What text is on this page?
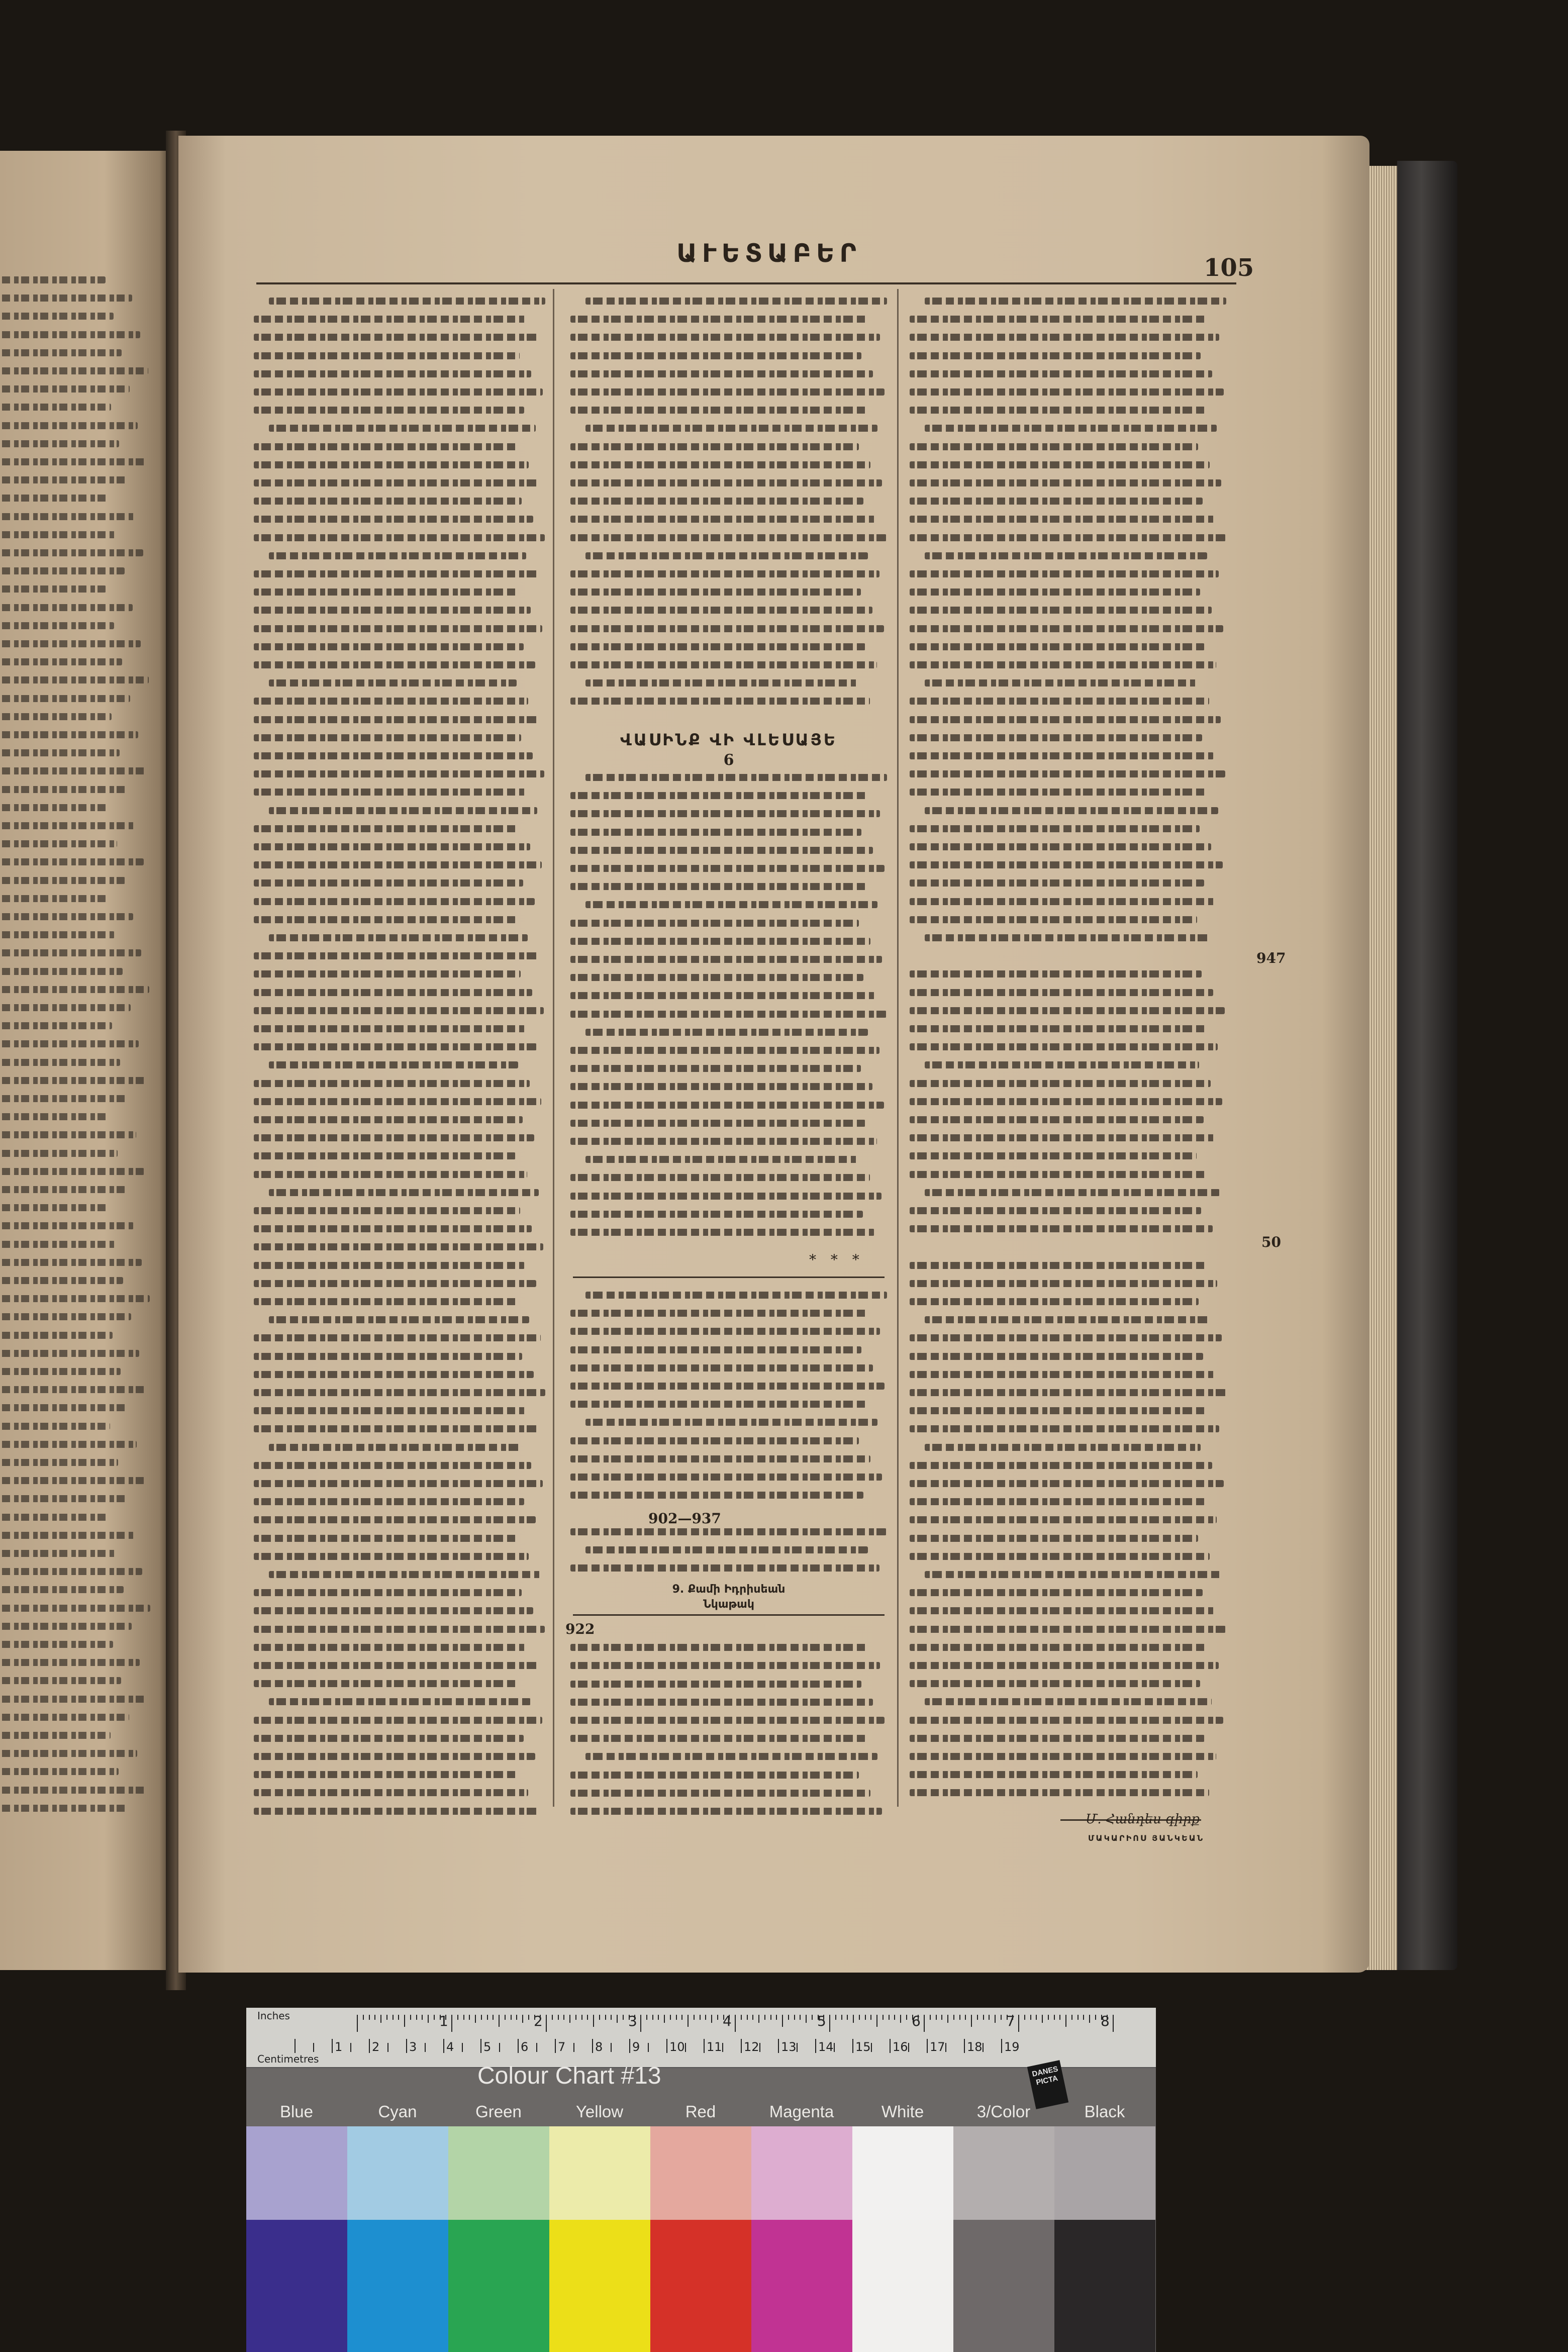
ԱՒԵՏԱԲԵՐ	105
ՎԱՍԻՆՔ ՎԻ ՎԼԵՍԱՅԵ
6
* * *
9. Քամի Իդրիսեան
Նկաթակ
902—937
922
947
50
Մ. Հանդես գիրք
ՄԱԿԱՐԻՈՍ ՅԱՆԿԵԱՆ
Inches
Centimetres
1	2	3	4	5	6	7	8
1 2 3 4 5 6 7 8 9 10 11 12 13 14 15 16 17 18 19
Colour Chart #13	DANES PICTA
Blue	Cyan	Green	Yellow	Red	Magenta	White	3/Color	Black
